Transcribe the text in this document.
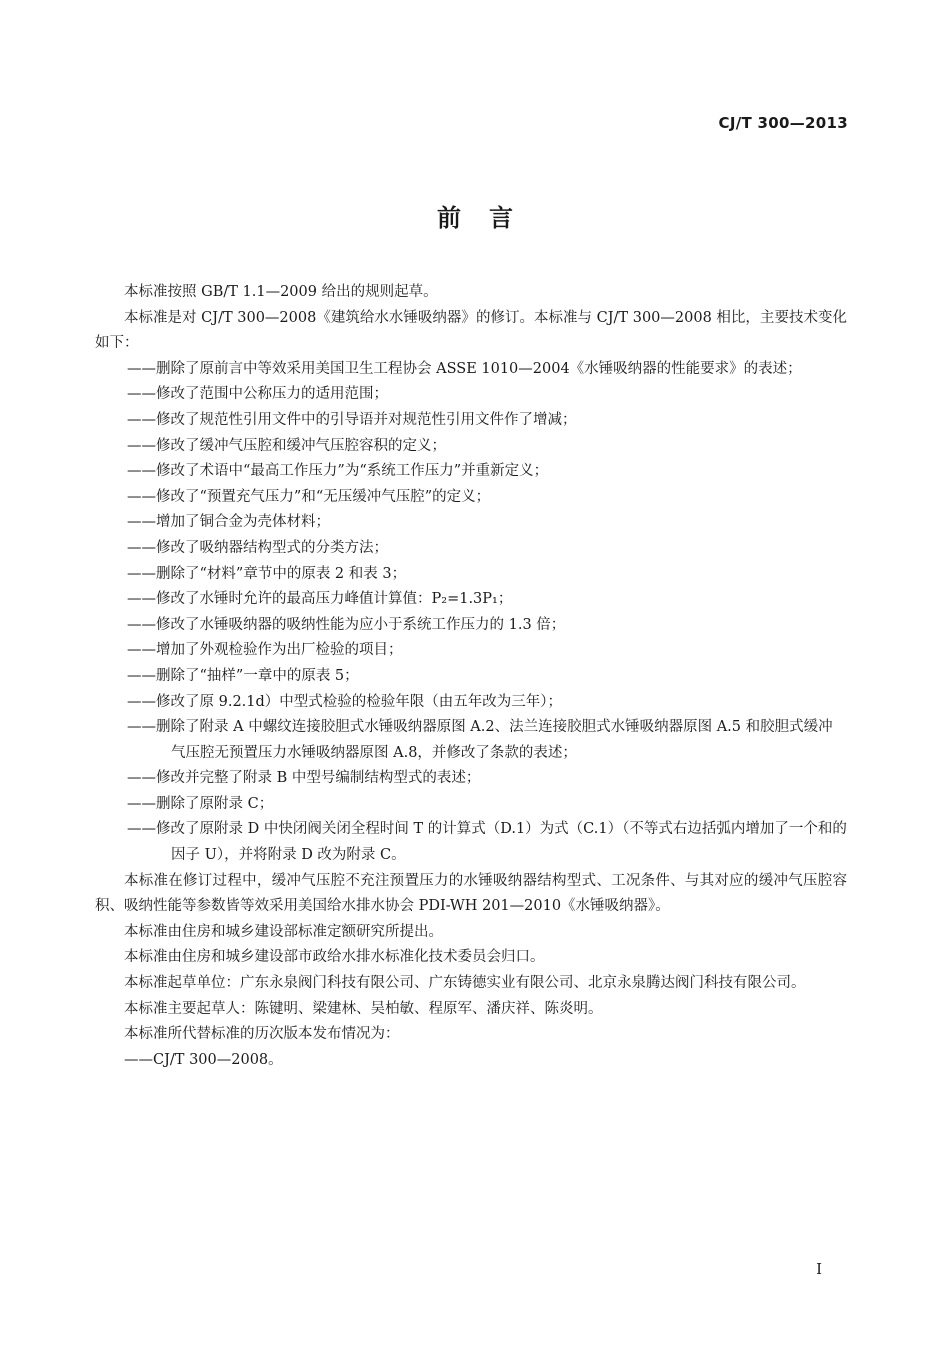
CJ/T 300—2013
前言
本标准按照 GB/T 1.1—2009 给出的规则起草。
本标准是对 CJ/T 300—2008《建筑给水水锤吸纳器》的修订。本标准与 CJ/T 300—2008 相比，主要技术变化如下：
——删除了原前言中等效采用美国卫生工程协会 ASSE 1010—2004《水锤吸纳器的性能要求》的表述；
——修改了范围中公称压力的适用范围；
——修改了规范性引用文件中的引导语并对规范性引用文件作了增减；
——修改了缓冲气压腔和缓冲气压腔容积的定义；
——修改了术语中“最高工作压力”为“系统工作压力”并重新定义；
——修改了“预置充气压力”和“无压缓冲气压腔”的定义；
——增加了铜合金为壳体材料；
——修改了吸纳器结构型式的分类方法；
——删除了“材料”章节中的原表 2 和表 3；
——修改了水锤时允许的最高压力峰值计算值：P₂=1.3P₁；
——修改了水锤吸纳器的吸纳性能为应小于系统工作压力的 1.3 倍；
——增加了外观检验作为出厂检验的项目；
——删除了“抽样”一章中的原表 5；
——修改了原 9.2.1d）中型式检验的检验年限（由五年改为三年）；
——删除了附录 A 中螺纹连接胶胆式水锤吸纳器原图 A.2、法兰连接胶胆式水锤吸纳器原图 A.5 和胶胆式缓冲气压腔无预置压力水锤吸纳器原图 A.8，并修改了条款的表述；
——修改并完整了附录 B 中型号编制结构型式的表述；
——删除了原附录 C；
——修改了原附录 D 中快闭阀关闭全程时间 T 的计算式（D.1）为式（C.1）（不等式右边括弧内增加了一个和的因子 U），并将附录 D 改为附录 C。
本标准在修订过程中，缓冲气压腔不充注预置压力的水锤吸纳器结构型式、工况条件、与其对应的缓冲气压腔容积、吸纳性能等参数皆等效采用美国给水排水协会 PDI-WH 201—2010《水锤吸纳器》。
本标准由住房和城乡建设部标准定额研究所提出。
本标准由住房和城乡建设部市政给水排水标准化技术委员会归口。
本标准起草单位：广东永泉阀门科技有限公司、广东铸德实业有限公司、北京永泉腾达阀门科技有限公司。
本标准主要起草人：陈键明、梁建林、吴柏敏、程原军、潘庆祥、陈炎明。
本标准所代替标准的历次版本发布情况为：
——CJ/T 300—2008。
I
